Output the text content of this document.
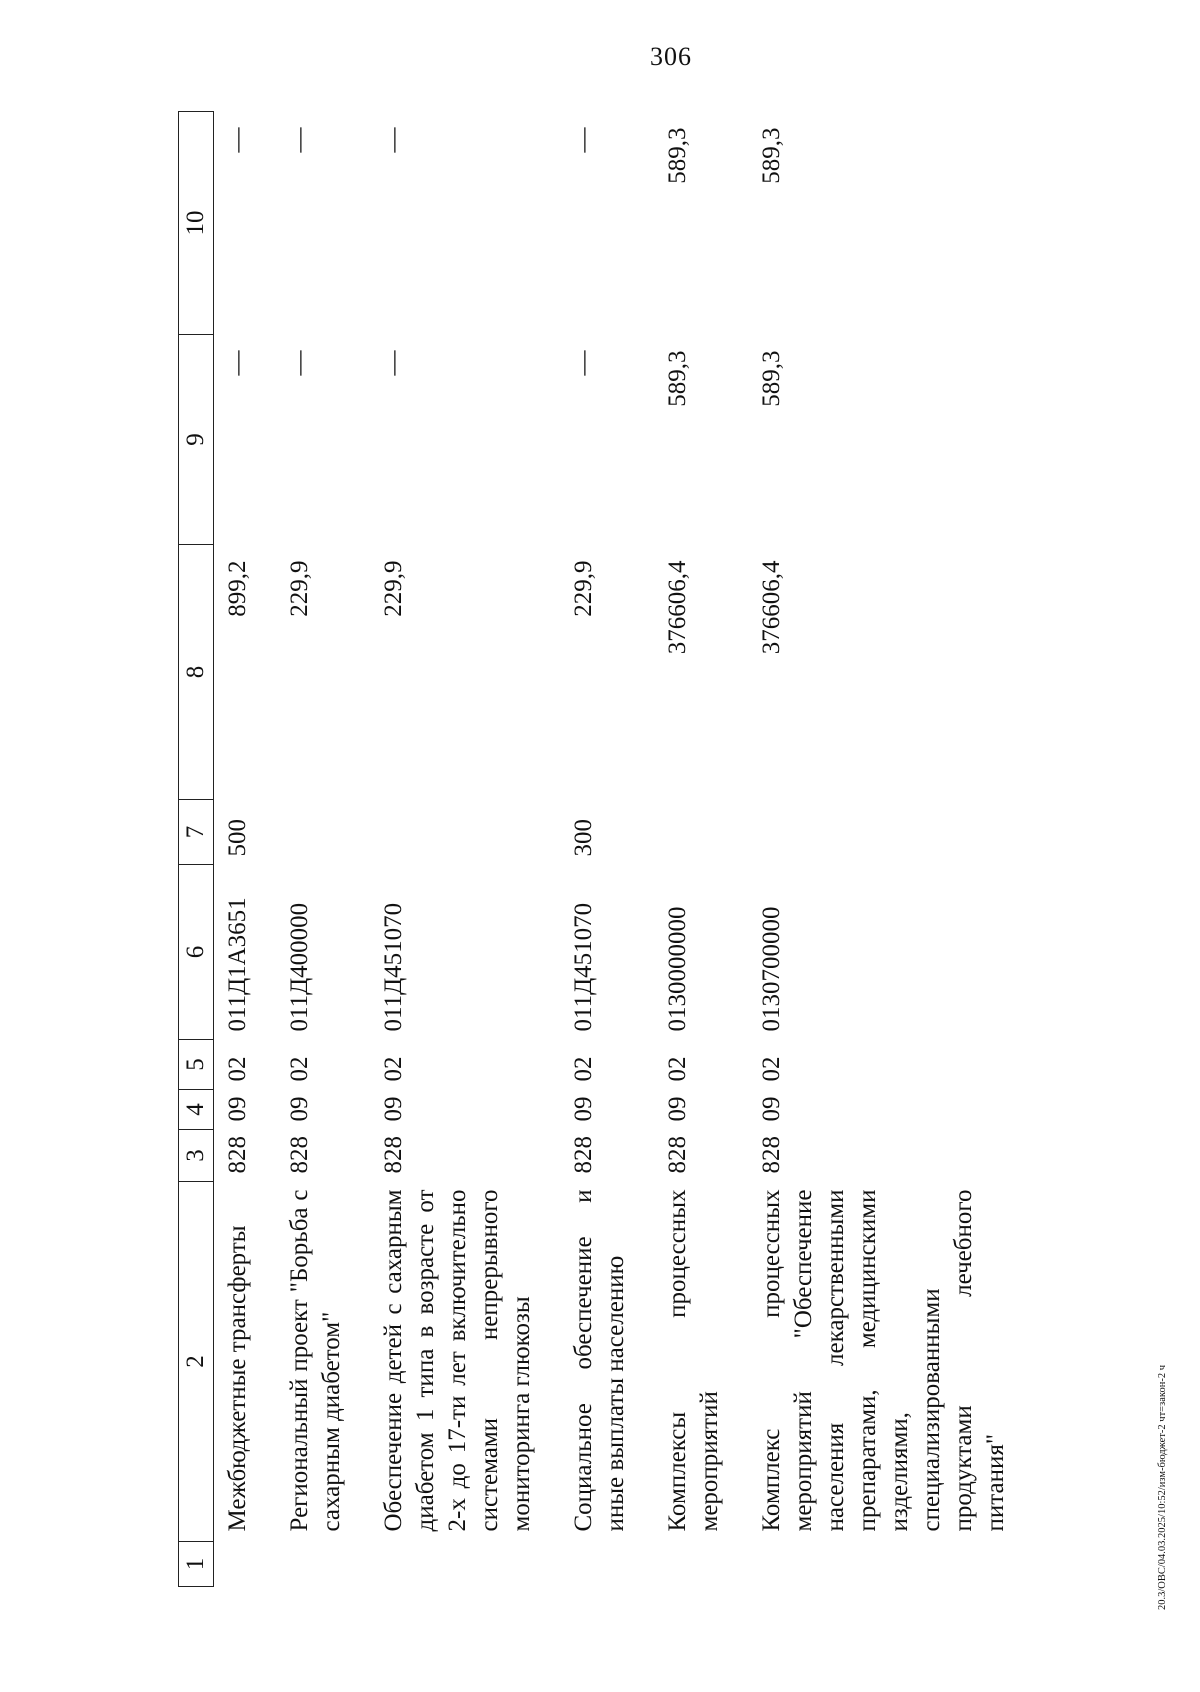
306
20.3/ОВС/04.03.2025/10:52/изм-бюджет-2 чт=закон-2 ч
1	2	3	4	5	6	7	8	9	10
	Межбюджетные трансферты	828	09	02	011Д1А3651	500	899,2	—	—
	Региональный проект "Борьба с сахарным диабетом"	828	09	02	011Д400000		229,9	—	—
	Обеспечение детей с сахарным диабетом 1 типа в возрасте от 2-х до 17-ти лет включительно системами непрерывного мониторинга глюкозы	828	09	02	011Д451070		229,9	—	—
	Социальное обеспечение и иные выплаты населению	828	09	02	011Д451070	300	229,9	—	—
	Комплексы процессных мероприятий	828	09	02	0130000000		376606,4	589,3	589,3
	Комплекс процессных мероприятий "Обеспечение населения лекарственными препаратами, медицинскими изделиями, специализированными продуктами лечебного питания"	828	09	02	0130700000		376606,4	589,3	589,3
